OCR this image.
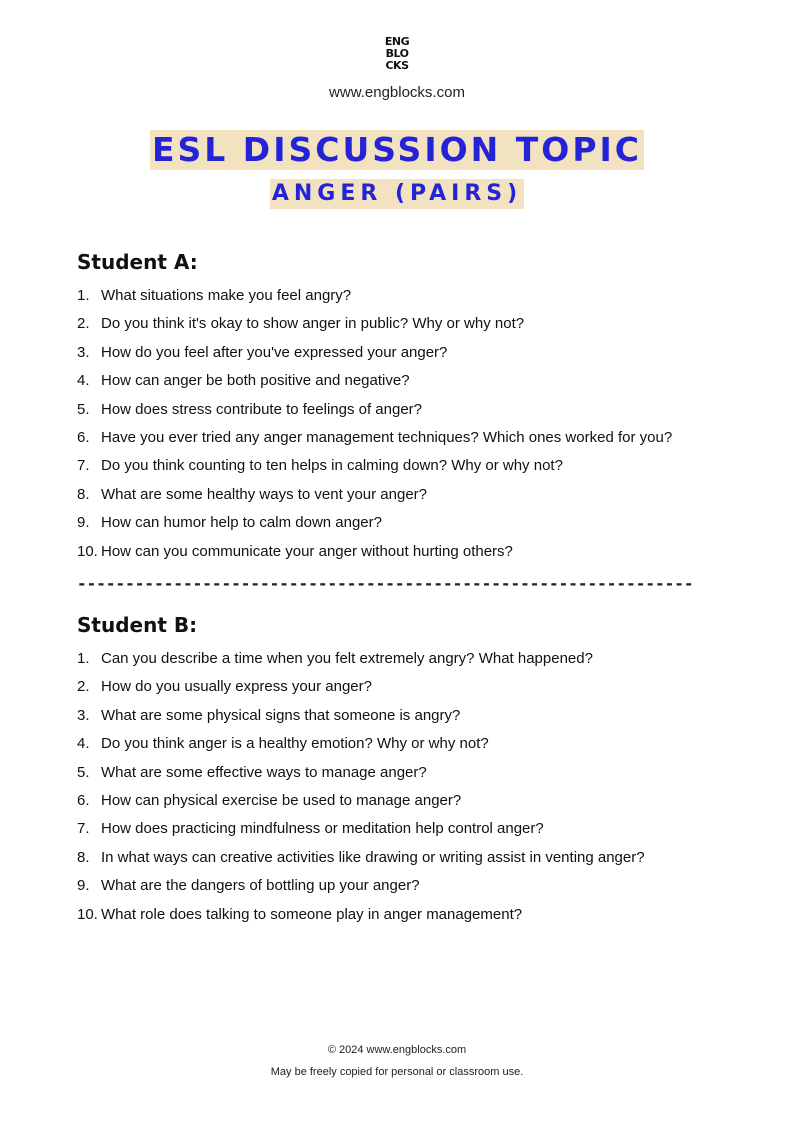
ENG
BLO
CKS
www.engblocks.com
ESL DISCUSSION TOPIC
ANGER (PAIRS)
Student A:
1. What situations make you feel angry?
2. Do you think it's okay to show anger in public? Why or why not?
3. How do you feel after you've expressed your anger?
4. How can anger be both positive and negative?
5. How does stress contribute to feelings of anger?
6. Have you ever tried any anger management techniques? Which ones worked for you?
7. Do you think counting to ten helps in calming down? Why or why not?
8. What are some healthy ways to vent your anger?
9. How can humor help to calm down anger?
10. How can you communicate your anger without hurting others?
----------------------------------------------------------------
Student B:
1. Can you describe a time when you felt extremely angry? What happened?
2. How do you usually express your anger?
3. What are some physical signs that someone is angry?
4. Do you think anger is a healthy emotion? Why or why not?
5. What are some effective ways to manage anger?
6. How can physical exercise be used to manage anger?
7. How does practicing mindfulness or meditation help control anger?
8. In what ways can creative activities like drawing or writing assist in venting anger?
9. What are the dangers of bottling up your anger?
10. What role does talking to someone play in anger management?
© 2024 www.engblocks.com
May be freely copied for personal or classroom use.
